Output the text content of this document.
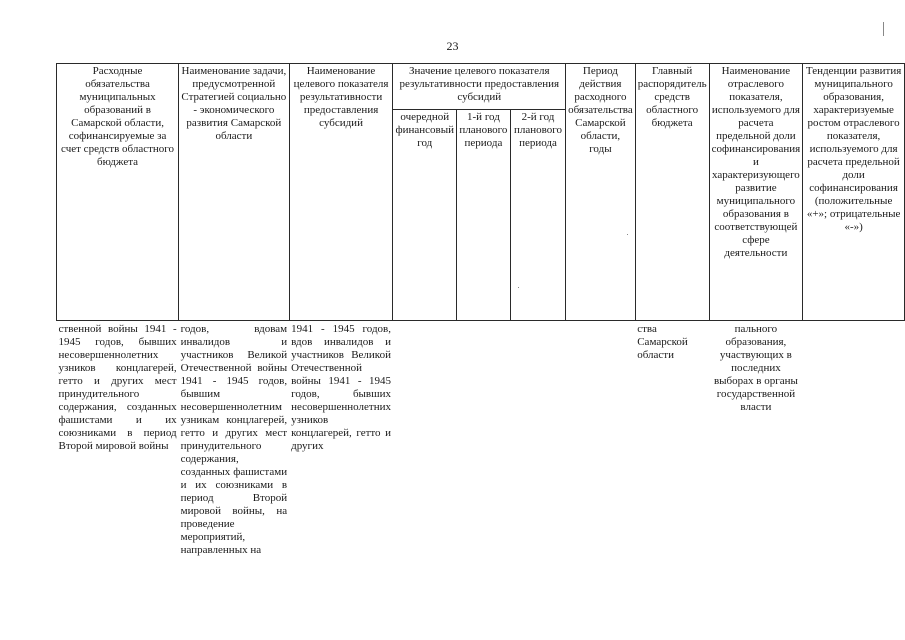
23
Расходные обязательства муниципальных образований в Самарской области, софинансируемые за счет средств областного бюджета	Наименование задачи, предусмотренной Стратегией социально - экономического развития Самарской области	Наименование целевого показателя результативности предоставления субсидий	Значение целевого показателя результативности предоставления субсидий			Период действия расходного обязательства Самарской области, годы	Главный распорядитель средств областного бюджета	Наименование отраслевого показателя, используемого для расчета предельной доли софинансирования и характеризующего развитие муниципального образования в соответствующей сфере деятельности	Тенденции развития муниципального образования, характеризуемые ростом отраслевого показателя, используемого для расчета предельной доли софинансирования (положительные «+»; отрицательные «-»)
			очередной финансовый год	1-й год планового периода	2-й год планового периода				
ственной войны 1941 - 1945 годов, бывших несовершеннолетних узников концлагерей, гетто и других мест принудительного содержания, созданных фашистами и их союзниками в период Второй мировой войны	годов, вдовам инвалидов и участников Великой Отечественной войны 1941 - 1945 годов, бывшим несовершеннолетним узникам концлагерей, гетто и других мест принудительного содержания, созданных фашистами и их союзниками в период Второй мировой войны, на проведение мероприятий, направленных на	1941 - 1945 годов, вдов инвалидов и участников Великой Отечественной войны 1941 - 1945 годов, бывших несовершеннолетних узников концлагерей, гетто и других					ства Самарской области	пального образования, участвующих в последних выборах в органы государственной власти	
